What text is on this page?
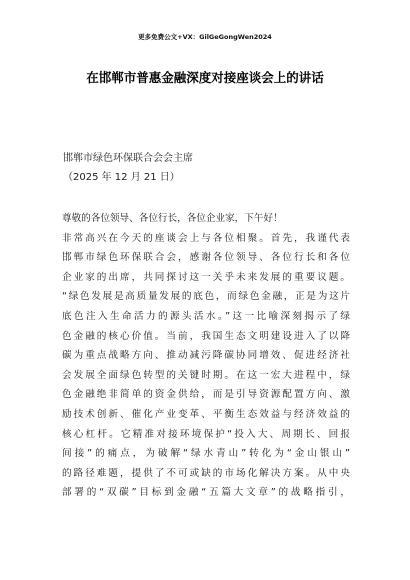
更多免费公文+VX：GilGeGongWen2024
在邯郸市普惠金融深度对接座谈会上的讲话
邯郸市绿色环保联合会会主席
（2025 年 12 月 21 日）
尊敬的各位领导、各位行长，各位企业家，下午好！
非常高兴在今天的座谈会上与各位相聚。首先，我谨代表
邯郸市绿色环保联合会，感谢各位领导、各位行长和各位
企业家的出席，共同探讨这一关乎未来发展的重要议题。
“绿色发展是高质量发展的底色，而绿色金融，正是为这片
底色注入生命活力的源头活水。”这一比喻深刻揭示了绿
色金融的核心价值。当前，我国生态文明建设进入了以降
碳为重点战略方向、推动减污降碳协同增效、促进经济社
会发展全面绿色转型的关键时期。在这一宏大进程中，绿
色金融绝非简单的资金供给，而是引导资源配置方向、激
励技术创新、催化产业变革、平衡生态效益与经济效益的
核心杠杆。它精准对接环境保护“投入大、周期长、回报
间接”的痛点，为破解“绿水青山”转化为“金山银山”
的路径难题，提供了不可或缺的市场化解决方案。从中央
部署的“双碳”目标到金融“五篇大文章”的战略指引，
